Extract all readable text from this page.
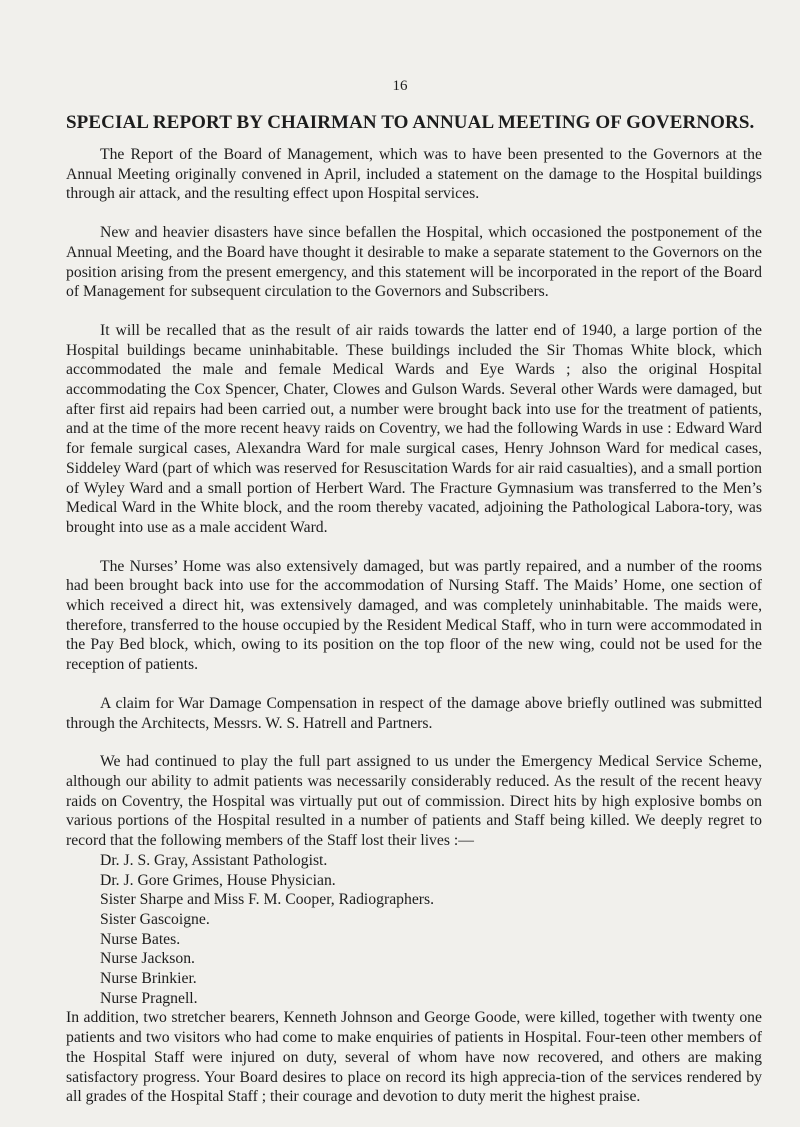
16
SPECIAL REPORT BY CHAIRMAN TO ANNUAL MEETING OF GOVERNORS.

The Report of the Board of Management, which was to have been presented to the Governors at the Annual Meeting originally convened in April, included a statement on the damage to the Hospital buildings through air attack, and the resulting effect upon Hospital services.

New and heavier disasters have since befallen the Hospital, which occasioned the postponement of the Annual Meeting, and the Board have thought it desirable to make a separate statement to the Governors on the position arising from the present emergency, and this statement will be incorporated in the report of the Board of Management for subsequent circulation to the Governors and Subscribers.

It will be recalled that as the result of air raids towards the latter end of 1940, a large portion of the Hospital buildings became uninhabitable. These buildings included the Sir Thomas White block, which accommodated the male and female Medical Wards and Eye Wards ; also the original Hospital accommodating the Cox Spencer, Chater, Clowes and Gulson Wards. Several other Wards were damaged, but after first aid repairs had been carried out, a number were brought back into use for the treatment of patients, and at the time of the more recent heavy raids on Coventry, we had the following Wards in use : Edward Ward for female surgical cases, Alexandra Ward for male surgical cases, Henry Johnson Ward for medical cases, Siddeley Ward (part of which was reserved for Resuscitation Wards for air raid casualties), and a small portion of Wyley Ward and a small portion of Herbert Ward. The Fracture Gymnasium was transferred to the Men’s Medical Ward in the White block, and the room thereby vacated, adjoining the Pathological Labora-tory, was brought into use as a male accident Ward.

The Nurses’ Home was also extensively damaged, but was partly repaired, and a number of the rooms had been brought back into use for the accommodation of Nursing Staff. The Maids’ Home, one section of which received a direct hit, was extensively damaged, and was completely uninhabitable. The maids were, therefore, transferred to the house occupied by the Resident Medical Staff, who in turn were accommodated in the Pay Bed block, which, owing to its position on the top floor of the new wing, could not be used for the reception of patients.

A claim for War Damage Compensation in respect of the damage above briefly outlined was submitted through the Architects, Messrs. W. S. Hatrell and Partners.

We had continued to play the full part assigned to us under the Emergency Medical Service Scheme, although our ability to admit patients was necessarily considerably reduced. As the result of the recent heavy raids on Coventry, the Hospital was virtually put out of commission. Direct hits by high explosive bombs on various portions of the Hospital resulted in a number of patients and Staff being killed. We deeply regret to record that the following members of the Staff lost their lives :—

Dr. J. S. Gray, Assistant Pathologist.
Dr. J. Gore Grimes, House Physician.
Sister Sharpe and Miss F. M. Cooper, Radiographers.
Sister Gascoigne.
Nurse Bates.
Nurse Jackson.
Nurse Brinkier.
Nurse Pragnell.

In addition, two stretcher bearers, Kenneth Johnson and George Goode, were killed, together with twenty one patients and two visitors who had come to make enquiries of patients in Hospital. Four-teen other members of the Hospital Staff were injured on duty, several of whom have now recovered, and others are making satisfactory progress. Your Board desires to place on record its high apprecia-tion of the services rendered by all grades of the Hospital Staff ; their courage and devotion to duty merit the highest praise.
